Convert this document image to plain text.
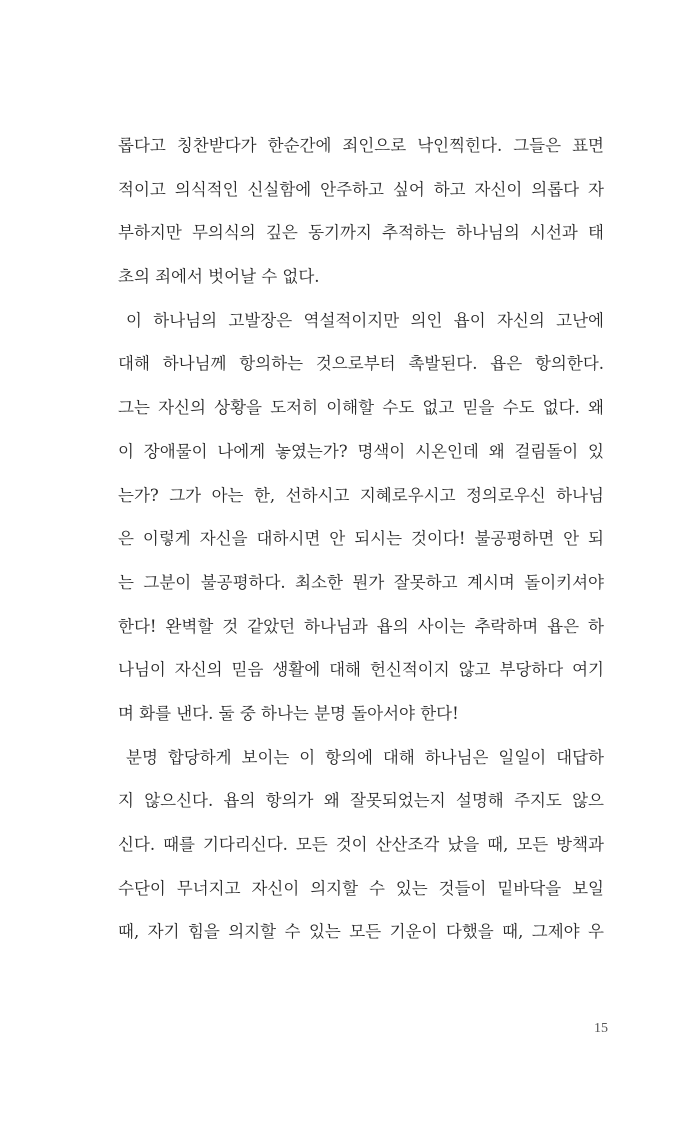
롭다고 칭찬받다가 한순간에 죄인으로 낙인찍힌다. 그들은 표면
적이고 의식적인 신실함에 안주하고 싶어 하고 자신이 의롭다 자
부하지만 무의식의 깊은 동기까지 추적하는 하나님의 시선과 태
초의 죄에서 벗어날 수 없다.
이 하나님의 고발장은 역설적이지만 의인 욥이 자신의 고난에
대해 하나님께 항의하는 것으로부터 촉발된다. 욥은 항의한다.
그는 자신의 상황을 도저히 이해할 수도 없고 믿을 수도 없다. 왜
이 장애물이 나에게 놓였는가? 명색이 시온인데 왜 걸림돌이 있
는가? 그가 아는 한, 선하시고 지혜로우시고 정의로우신 하나님
은 이렇게 자신을 대하시면 안 되시는 것이다! 불공평하면 안 되
는 그분이 불공평하다. 최소한 뭔가 잘못하고 계시며 돌이키셔야
한다! 완벽할 것 같았던 하나님과 욥의 사이는 추락하며 욥은 하
나님이 자신의 믿음 생활에 대해 헌신적이지 않고 부당하다 여기
며 화를 낸다. 둘 중 하나는 분명 돌아서야 한다!
분명 합당하게 보이는 이 항의에 대해 하나님은 일일이 대답하
지 않으신다. 욥의 항의가 왜 잘못되었는지 설명해 주지도 않으
신다. 때를 기다리신다. 모든 것이 산산조각 났을 때, 모든 방책과
수단이 무너지고 자신이 의지할 수 있는 것들이 밑바닥을 보일
때, 자기 힘을 의지할 수 있는 모든 기운이 다했을 때, 그제야 우
15
